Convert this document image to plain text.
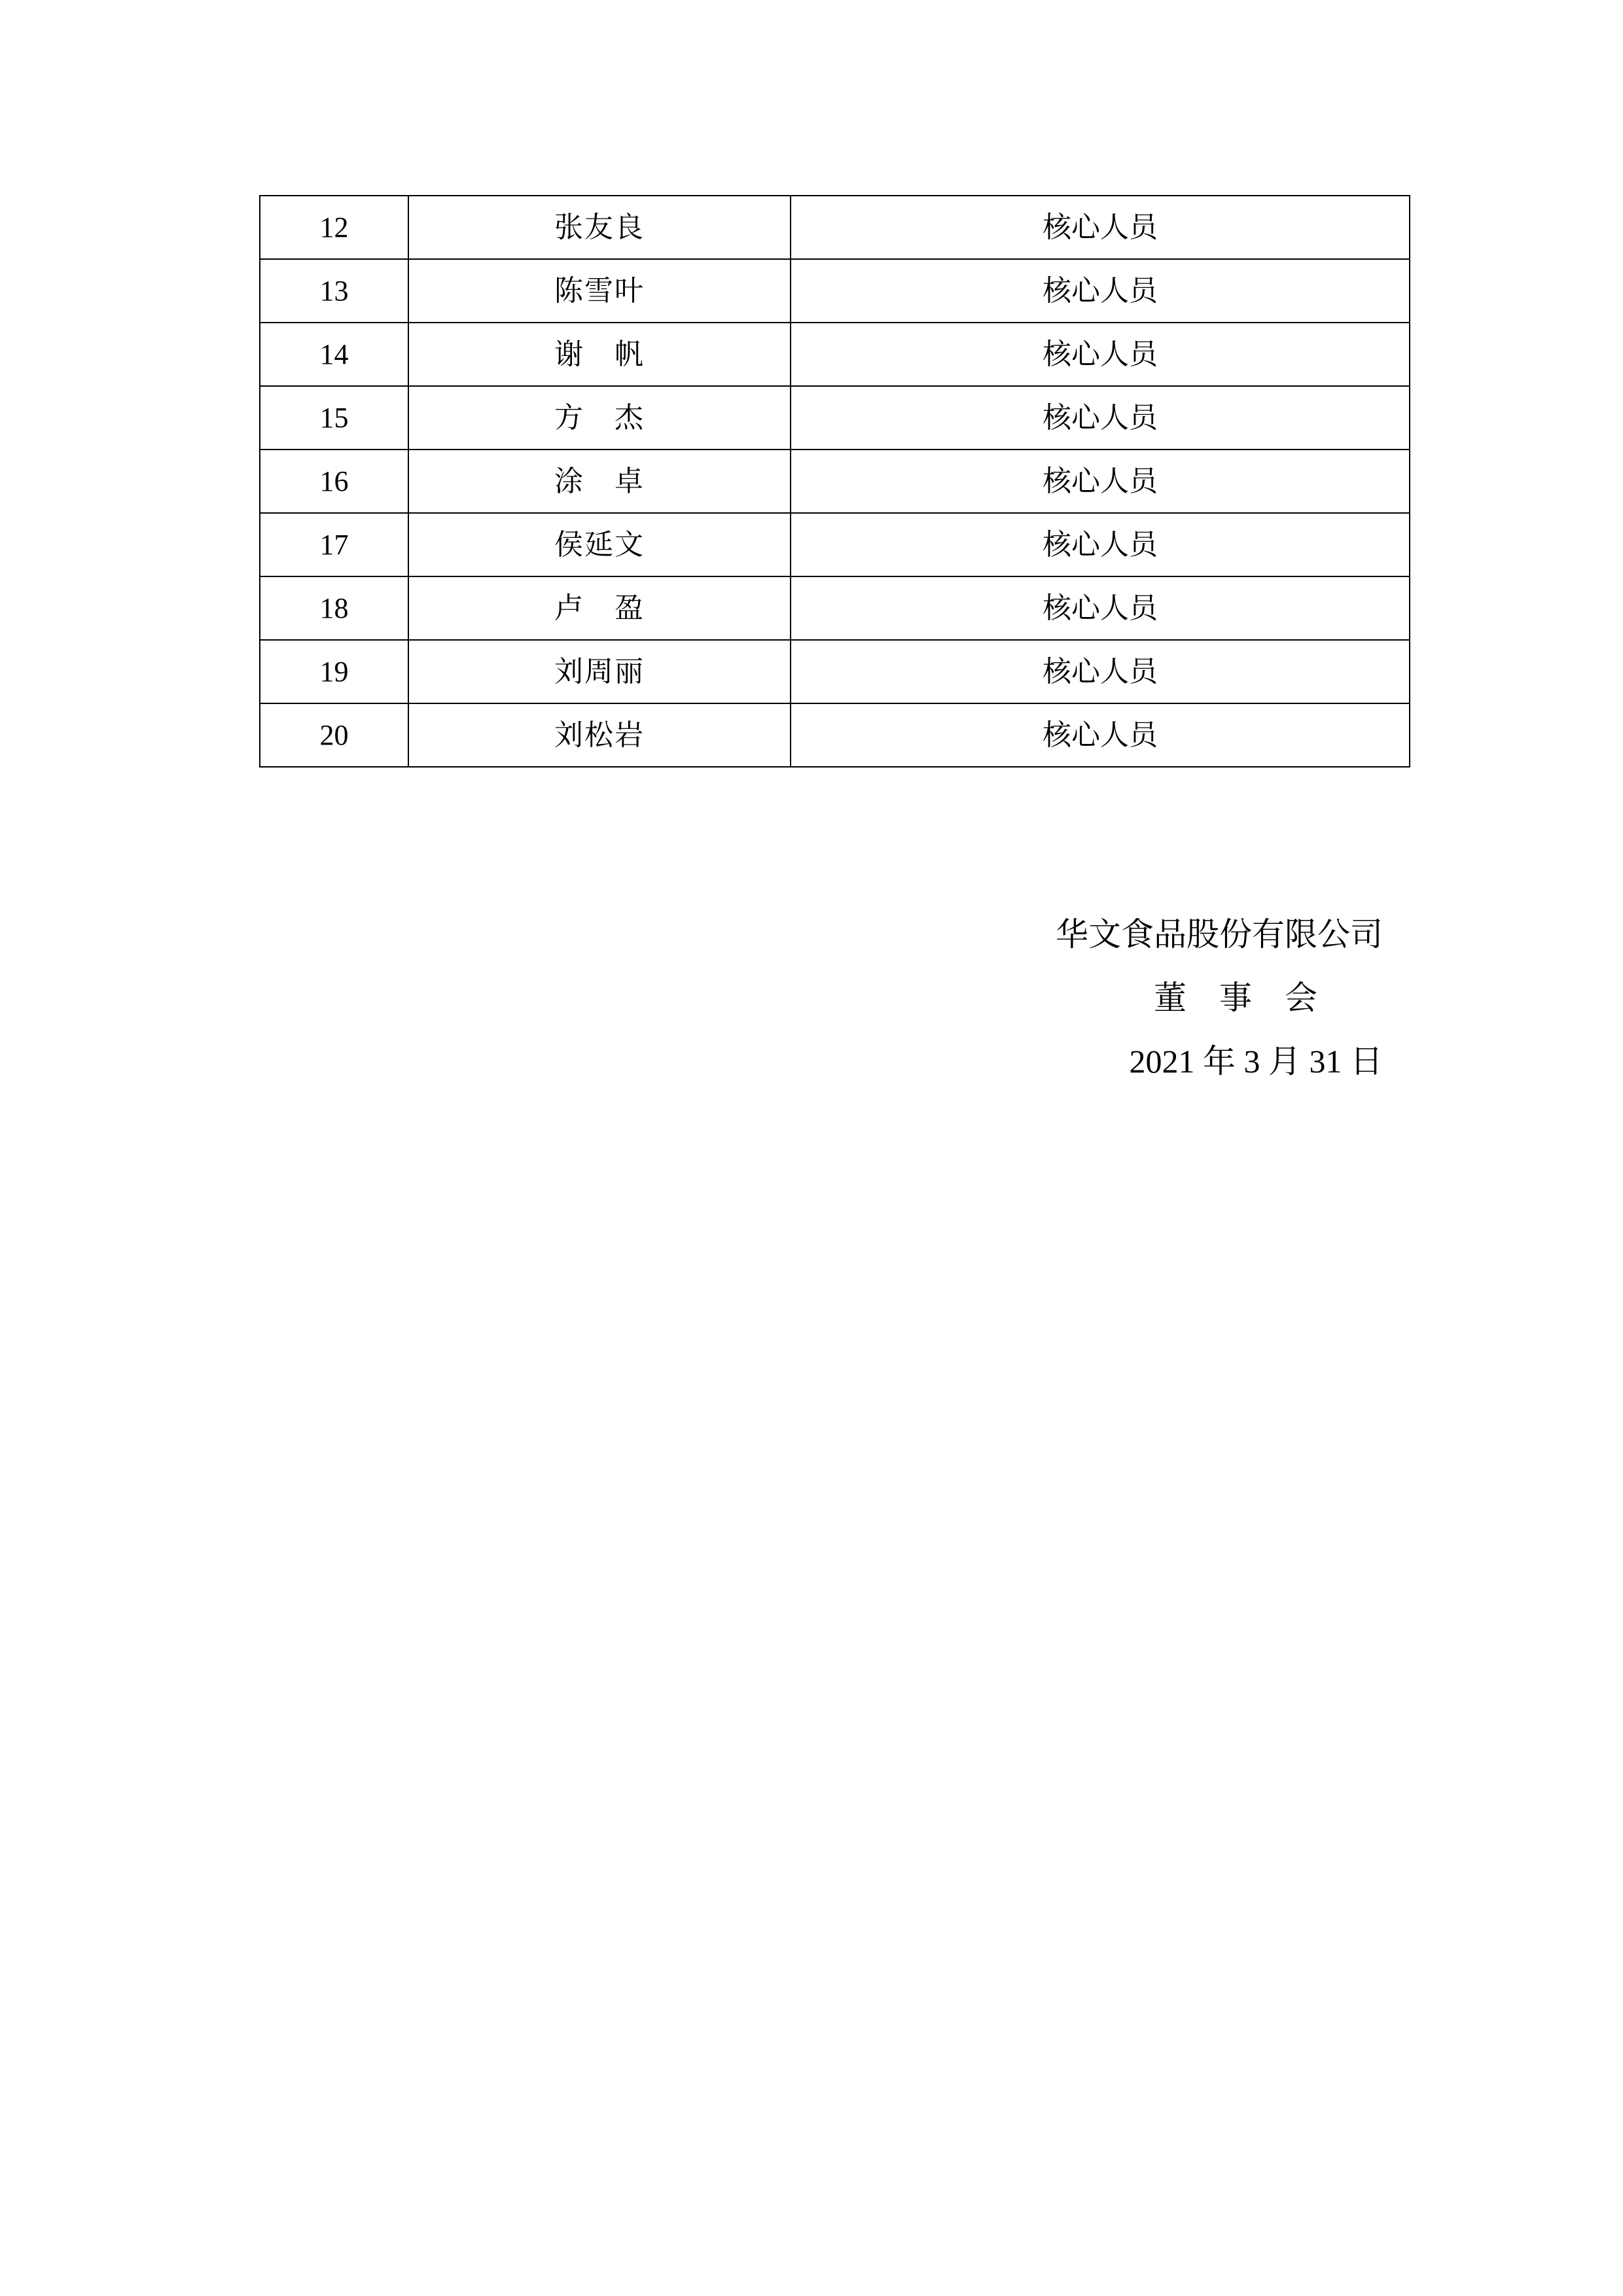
12	张友良	核心人员
13	陈雪叶	核心人员
14	谢　帆	核心人员
15	方　杰	核心人员
16	涂　卓	核心人员
17	侯延文	核心人员
18	卢　盈	核心人员
19	刘周丽	核心人员
20	刘松岩	核心人员
华文食品股份有限公司
董　事　会
2021 年 3 月 31 日
